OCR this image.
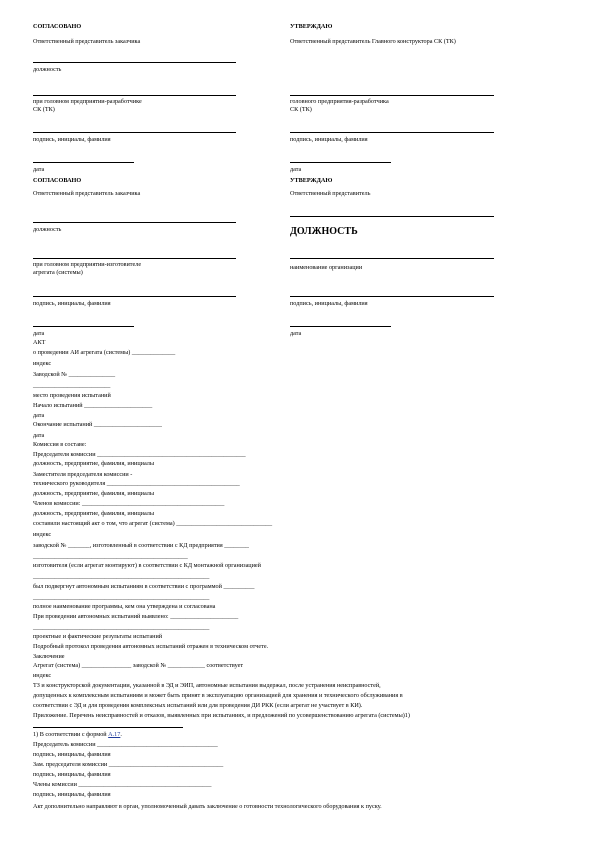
СОГЛАСОВАНО
Ответственный представитель заказчика
должность
при головном предприятии-разработчике
СК (ТК)
подпись, инициалы, фамилия
дата
УТВЕРЖДАЮ
Ответственный представитель Главного конструктора СК (ТК)
головного предприятия-разработчика
СК (ТК)
подпись, инициалы, фамилия
дата
СОГЛАСОВАНО
Ответственный представитель заказчика
должность
при головном предприятии-изготовителе
агрегата (системы)
подпись, инициалы, фамилия
дата
УТВЕРЖДАЮ
Ответственный представитель
ДОЛЖНОСТЬ
наименование организации
подпись, инициалы, фамилия
дата
АКТ
о проведении АИ агрегата (системы) ______________
индекс
Заводской № _______________
_________________________
место проведения испытаний
Начало испытаний ______________________
дата
Окончание испытаний ______________________
дата
Комиссия в составе:
Председателя комиссии ________________________________________________
должность, предприятие, фамилия, инициалы
Заместителя председателя комиссии -
технического руководителя ___________________________________________
должность, предприятие, фамилия, инициалы
Членов комиссии: ______________________________________________
должность, предприятие, фамилия, инициалы
составили настоящий акт о том, что агрегат (система) _______________________________
индекс
заводской № _______, изготовленный в соответствии с КД предприятия ________
__________________________________________________
изготовителя (если агрегат монтируют) в соответствии с КД монтажной организацией
_________________________________________________________
был подвергнут автономным испытаниям в соответствии с программой __________
_________________________________________________________
полное наименование программы, кем она утверждена и согласована
При проведении автономных испытаний выявлено: ______________________
_________________________________________________________
проектные и фактические результаты испытаний
Подробный протокол проведения автономных испытаний отражен в техническом отчете.
Заключение
Агрегат (система) ________________ заводской № ____________ соответствует
индекс
ТЗ и конструкторской документации, указанной в ЭД и ЭИП, автономные испытания выдержал, после устранения неисправностей,
допущенных к комплексным испытаниям и может быть принят в эксплуатацию организацией для хранения и технического обслуживания в
соответствии с ЭД и для проведения комплексных испытаний или для проведения ДИ РКК (если агрегат не участвует в КИ).
Приложение. Перечень неисправностей и отказов, выявленных при испытаниях, и предложений по усовершенствованию агрегата (системы)1)
1) В соответствии с формой А.17.
Председатель комиссии _______________________________________
подпись, инициалы, фамилия
Зам. председателя комиссии _____________________________________
подпись, инициалы, фамилия
Члены комиссии ___________________________________________
подпись, инициалы, фамилия
Акт дополнительно направляют в орган, уполномоченный давать заключение о готовности технологического оборудования к пуску.
